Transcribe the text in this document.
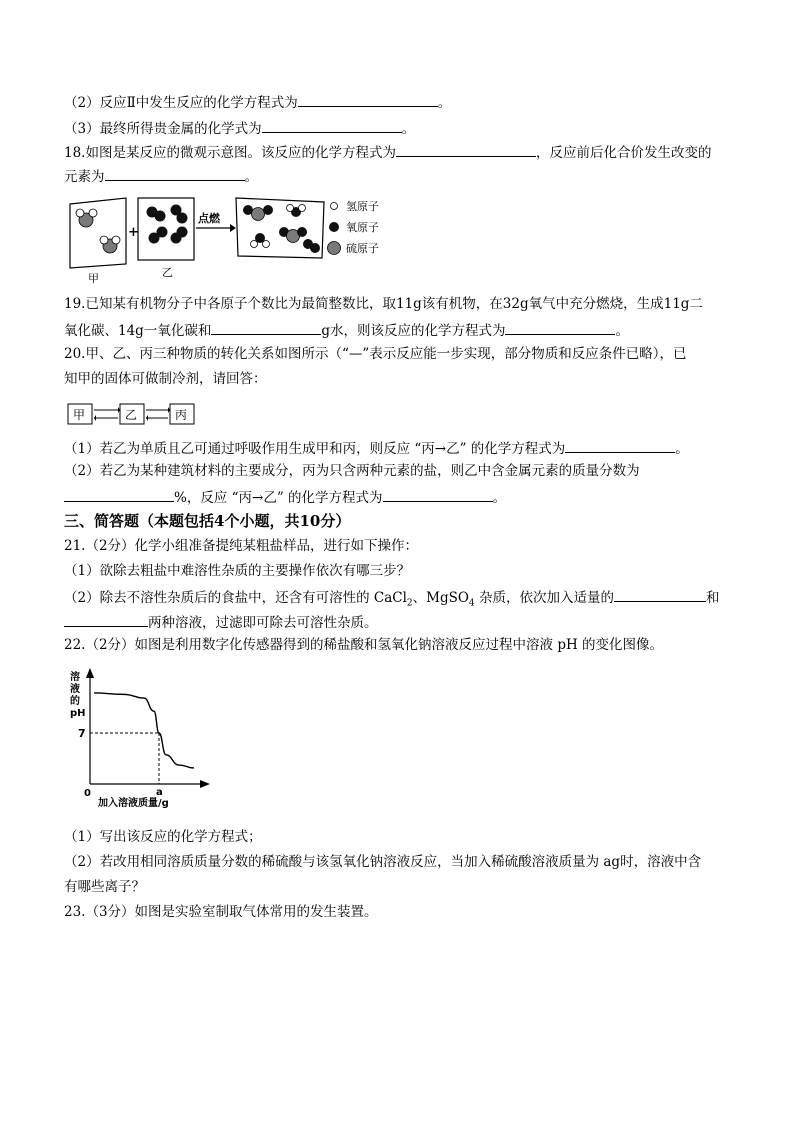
（2）反应Ⅱ中发生反应的化学方程式为	。
（3）最终所得贵金属的化学式为	。
18.如图是某反应的微观示意图。该反应的化学方程式为	，反应前后化合价发生改变的
元素为	。
甲
+
乙
点燃
氢原子
氧原子
硫原子
19.已知某有机物分子中各原子个数比为最简整数比，取11g该有机物，在32g氧气中充分燃烧，生成11g二
氧化碳、14g一氧化碳和	g水，则该反应的化学方程式为	。
20.甲、乙、丙三种物质的转化关系如图所示（“—”表示反应能一步实现，部分物质和反应条件已略），已
知甲的固体可做制冷剂，请回答：
甲	乙	丙
（1）若乙为单质且乙可通过呼吸作用生成甲和丙，则反应 “丙→乙” 的化学方程式为	。
（2）若乙为某种建筑材料的主要成分，丙为只含两种元素的盐，则乙中含金属元素的质量分数为
%，反应 “丙→乙” 的化学方程式为	。
三、简答题（本题包括4个小题，共10分）
21.（2分）化学小组准备提纯某粗盐样品，进行如下操作：
（1）欲除去粗盐中难溶性杂质的主要操作依次有哪三步？
（2）除去不溶性杂质后的食盐中，还含有可溶性的 CaCl$_2$、MgSO$_4$ 杂质，依次加入适量的	和
两种溶液，过滤即可除去可溶性杂质。
22.（2分）如图是利用数字化传感器得到的稀盐酸和氢氧化钠溶液反应过程中溶液 pH 的变化图像。
溶 液 的 pH
7
0	a
加入溶液质量/g
（1）写出该反应的化学方程式；
（2）若改用相同溶质质量分数的稀硫酸与该氢氧化钠溶液反应，当加入稀硫酸溶液质量为 ag时，溶液中含
有哪些离子？
23.（3分）如图是实验室制取气体常用的发生装置。
